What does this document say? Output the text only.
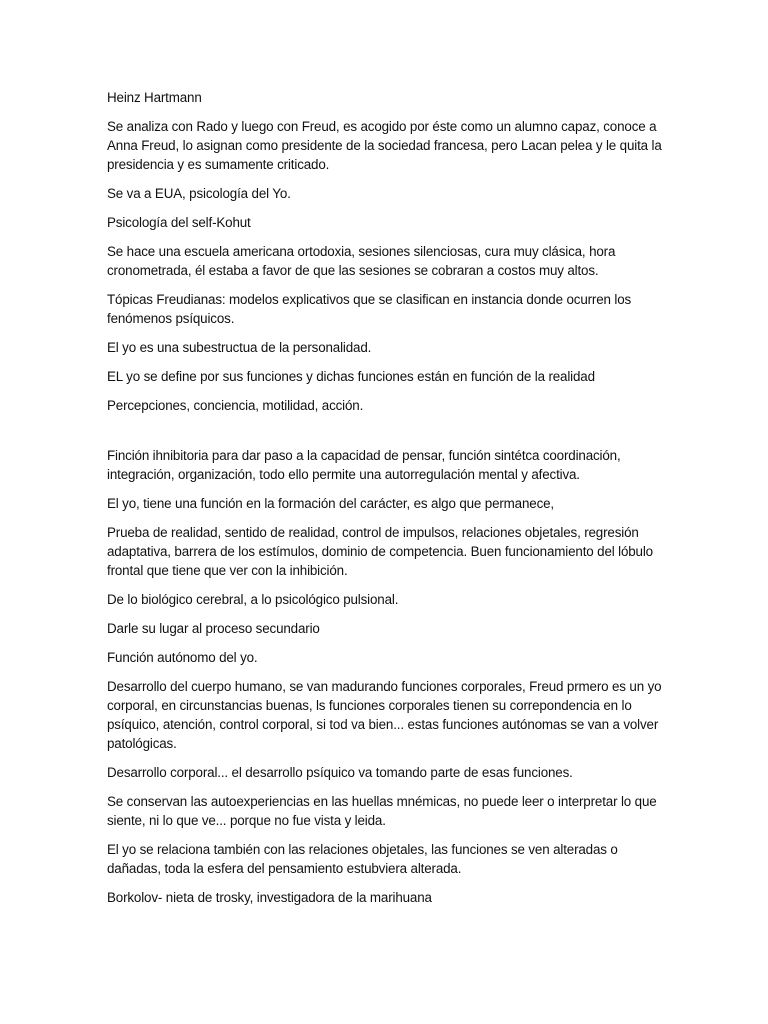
Heinz Hartmann

Se analiza con Rado y luego con Freud, es acogido por éste como un alumno capaz, conoce a Anna Freud, lo asignan como presidente de la sociedad francesa, pero Lacan pelea y le quita la presidencia y es sumamente criticado.

Se va a EUA, psicología del Yo.

Psicología del self-Kohut

Se hace una escuela americana ortodoxia, sesiones silenciosas, cura muy clásica, hora cronometrada, él estaba a favor de que las sesiones se cobraran a costos muy altos.

Tópicas Freudianas: modelos explicativos que se clasifican en instancia donde ocurren los fenómenos psíquicos.

El yo es una subestructua de la personalidad.

EL yo se define por sus funciones y dichas funciones están en función de la realidad

Percepciones, conciencia, motilidad, acción.

Finción ihnibitoria para dar paso a la capacidad de pensar, función sintétca coordinación, integración, organización, todo ello permite una autorregulación mental y afectiva.

El yo, tiene una función en la formación del carácter, es algo que permanece,

Prueba de realidad, sentido de realidad, control de impulsos, relaciones objetales, regresión adaptativa, barrera de los estímulos, dominio de competencia. Buen funcionamiento del lóbulo frontal que tiene que ver con la inhibición.

De lo biológico cerebral, a lo psicológico pulsional.

Darle su lugar al proceso secundario

Función autónomo del yo.

Desarrollo del cuerpo humano, se van madurando funciones corporales, Freud prmero es un yo corporal, en circunstancias buenas, ls funciones corporales tienen su correpondencia en lo psíquico, atención, control corporal, si tod va bien... estas funciones autónomas se van a volver patológicas.

Desarrollo corporal... el desarrollo psíquico va tomando parte de esas funciones.

Se conservan las autoexperiencias en las huellas mnémicas, no puede leer o interpretar lo que siente, ni lo que ve... porque no fue vista y leida.

El yo se relaciona también con las relaciones objetales, las funciones se ven alteradas o dañadas, toda la esfera del pensamiento estubviera alterada.

Borkolov- nieta de trosky, investigadora de la marihuana
